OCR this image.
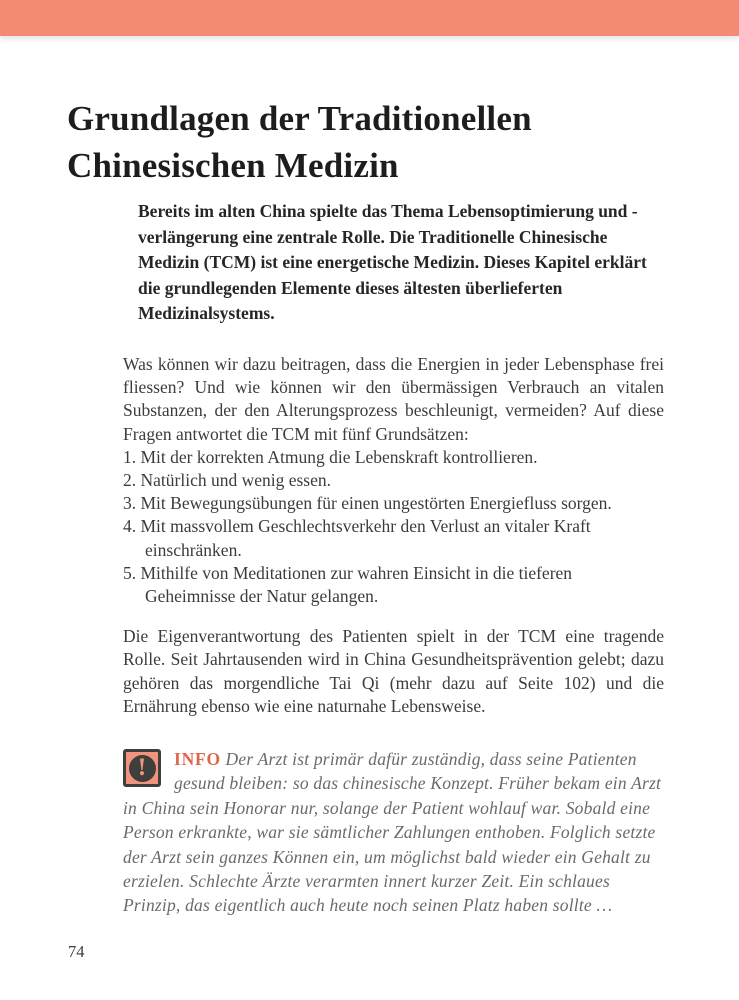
Grundlagen der Traditionellen
Chinesischen Medizin
Bereits im alten China spielte das Thema Lebensoptimierung und -verlängerung eine zentrale Rolle. Die Traditionelle Chinesische Medizin (TCM) ist eine energetische Medizin. Dieses Kapitel erklärt die grundlegenden Elemente dieses ältesten überlieferten Medizinalsystems.

Was können wir dazu beitragen, dass die Energien in jeder Lebensphase frei fliessen? Und wie können wir den übermässigen Verbrauch an vitalen Substanzen, der den Alterungsprozess beschleunigt, vermeiden? Auf diese Fragen antwortet die TCM mit fünf Grundsätzen:

1. Mit der korrekten Atmung die Lebenskraft kontrollieren.
2. Natürlich und wenig essen.
3. Mit Bewegungsübungen für einen ungestörten Energiefluss sorgen.
4. Mit massvollem Geschlechtsverkehr den Verlust an vitaler Kraft einschränken.
5. Mithilfe von Meditationen zur wahren Einsicht in die tieferen Geheimnisse der Natur gelangen.

Die Eigenverantwortung des Patienten spielt in der TCM eine tragende Rolle. Seit Jahrtausenden wird in China Gesundheitsprävention gelebt; dazu gehören das morgendliche Tai Qi (mehr dazu auf Seite 102) und die Ernährung ebenso wie eine naturnahe Lebensweise.

!	INFO Der Arzt ist primär dafür zuständig, dass seine Patienten gesund bleiben: so das chinesische Konzept. Früher bekam ein Arzt in China sein Honorar nur, solange der Patient wohlauf war. Sobald eine Person erkrankte, war sie sämtlicher Zahlungen enthoben. Folglich setzte der Arzt sein ganzes Können ein, um möglichst bald wieder ein Gehalt zu erzielen. Schlechte Ärzte verarmten innert kurzer Zeit. Ein schlaues Prinzip, das eigentlich auch heute noch seinen Platz haben sollte …
74
